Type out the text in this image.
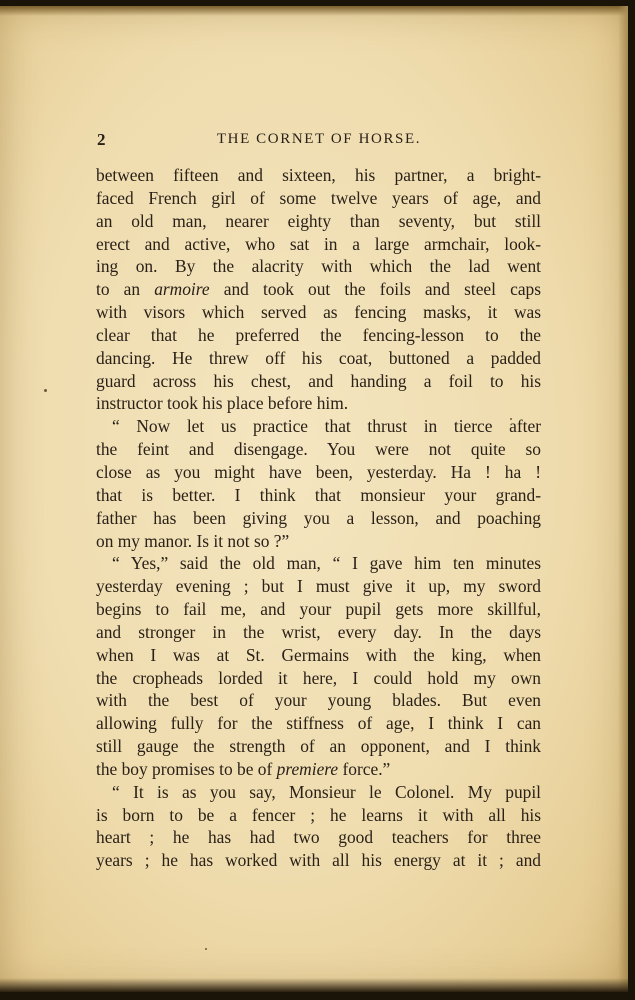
2	THE CORNET OF HORSE.
between fifteen and sixteen, his partner, a bright-
faced French girl of some twelve years of age, and
an old man, nearer eighty than seventy, but still
erect and active, who sat in a large armchair, look-
ing on. By the alacrity with which the lad went
to an armoire and took out the foils and steel caps
with visors which served as fencing masks, it was
clear that he preferred the fencing-lesson to the
dancing. He threw off his coat, buttoned a padded
guard across his chest, and handing a foil to his
instructor took his place before him.
“ Now let us practice that thrust in tierce after
the feint and disengage. You were not quite so
close as you might have been, yesterday. Ha ! ha !
that is better. I think that monsieur your grand-
father has been giving you a lesson, and poaching
on my manor. Is it not so ?”
“ Yes,” said the old man, “ I gave him ten minutes
yesterday evening ; but I must give it up, my sword
begins to fail me, and your pupil gets more skillful,
and stronger in the wrist, every day. In the days
when I was at St. Germains with the king, when
the cropheads lorded it here, I could hold my own
with the best of your young blades. But even
allowing fully for the stiffness of age, I think I can
still gauge the strength of an opponent, and I think
the boy promises to be of premiere force.”
“ It is as you say, Monsieur le Colonel. My pupil
is born to be a fencer ; he learns it with all his
heart ; he has had two good teachers for three
years ; he has worked with all his energy at it ; and
